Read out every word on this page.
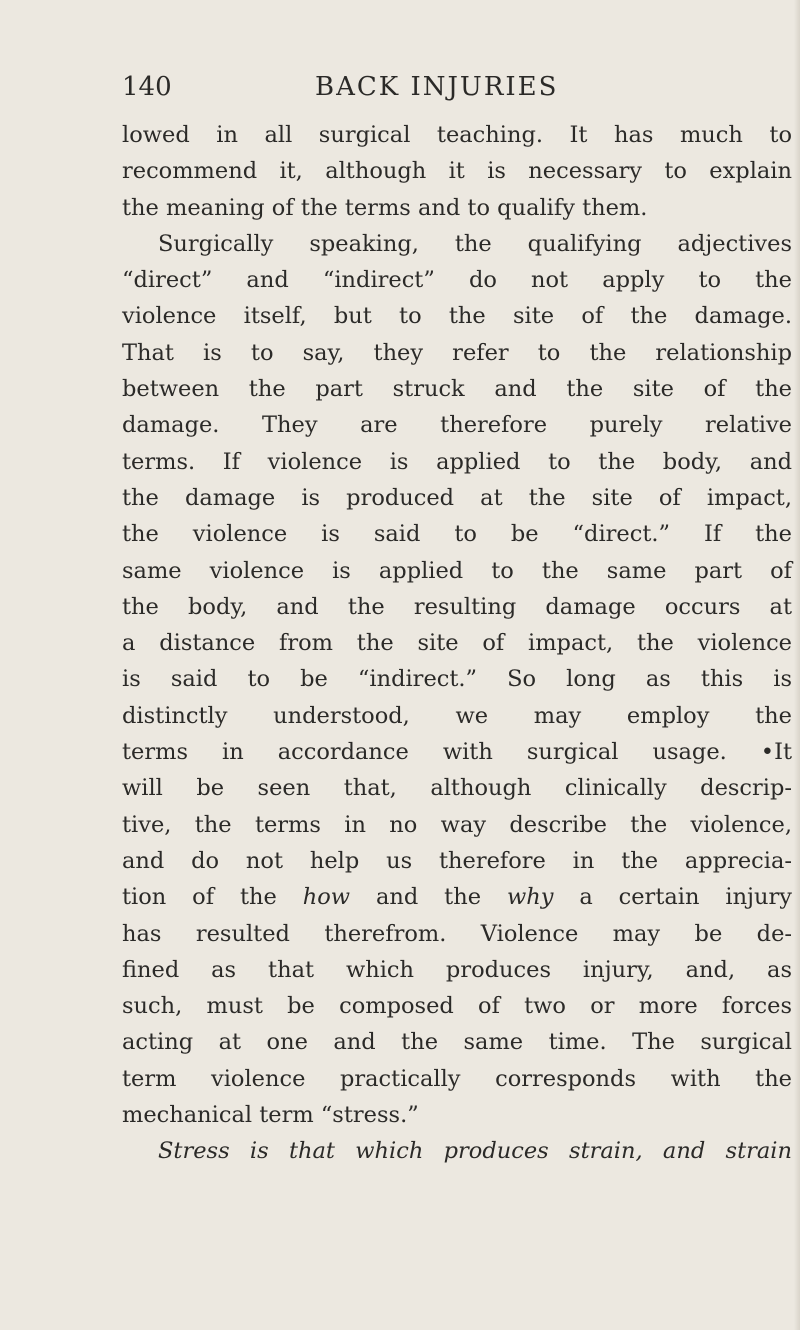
140	BACK INJURIES
lowed in all surgical teaching. It has much to
recommend it, although it is necessary to explain
the meaning of the terms and to qualify them.
Surgically speaking, the qualifying adjectives
“direct” and “indirect” do not apply to the
violence itself, but to the site of the damage.
That is to say, they refer to the relationship
between the part struck and the site of the
damage. They are therefore purely relative
terms. If violence is applied to the body, and
the damage is produced at the site of impact,
the violence is said to be “direct.” If the
same violence is applied to the same part of
the body, and the resulting damage occurs at
a distance from the site of impact, the violence
is said to be “indirect.” So long as this is
distinctly understood, we may employ the
terms in accordance with surgical usage. •It
will be seen that, although clinically descrip-
tive, the terms in no way describe the violence,
and do not help us therefore in the apprecia-
tion of the how and the why a certain injury
has resulted therefrom. Violence may be de-
fined as that which produces injury, and, as
such, must be composed of two or more forces
acting at one and the same time. The surgical
term violence practically corresponds with the
mechanical term “stress.”
Stress is that which produces strain, and strain
